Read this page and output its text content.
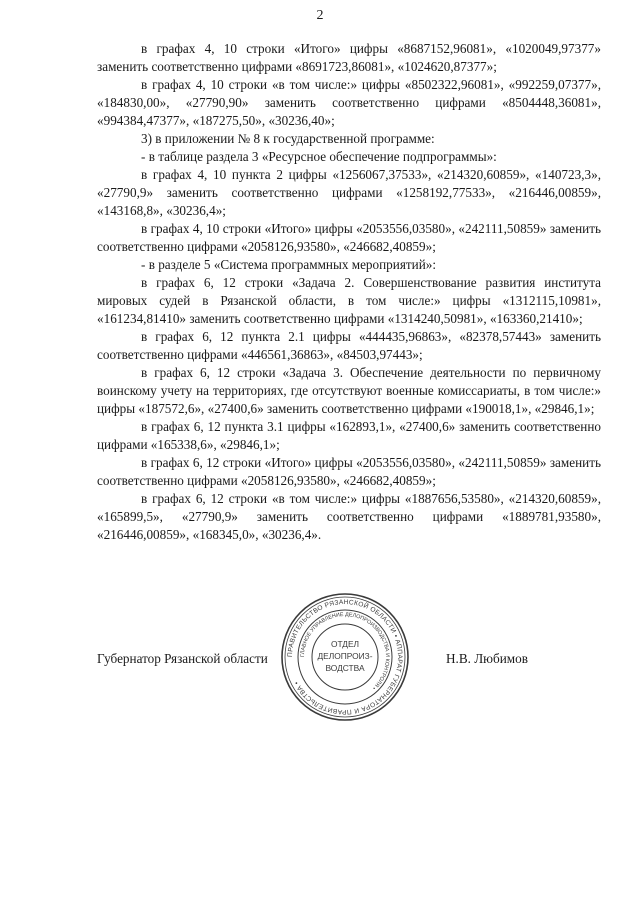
2

в графах 4, 10 строки «Итого» цифры «8687152,96081», «1020049,97377» заменить соответственно цифрами «8691723,86081», «1024620,87377»;

в графах 4, 10 строки «в том числе:» цифры «8502322,96081», «992259,07377», «184830,00», «27790,90» заменить соответственно цифрами «8504448,36081», «994384,47377», «187275,50», «30236,40»;

3) в приложении № 8 к государственной программе:

- в таблице раздела 3 «Ресурсное обеспечение подпрограммы»:

в графах 4, 10 пункта 2 цифры «1256067,37533», «214320,60859», «140723,3», «27790,9» заменить соответственно цифрами «1258192,77533», «216446,00859», «143168,8», «30236,4»;

в графах 4, 10 строки «Итого» цифры «2053556,03580», «242111,50859» заменить соответственно цифрами «2058126,93580», «246682,40859»;

- в разделе 5 «Система программных мероприятий»:

в графах 6, 12 строки «Задача 2. Совершенствование развития института мировых судей в Рязанской области, в том числе:» цифры «1312115,10981», «161234,81410» заменить соответственно цифрами «1314240,50981», «163360,21410»;

в графах 6, 12 пункта 2.1 цифры «444435,96863», «82378,57443» заменить соответственно цифрами «446561,36863», «84503,97443»;

в графах 6, 12 строки «Задача 3. Обеспечение деятельности по первичному воинскому учету на территориях, где отсутствуют военные комиссариаты, в том числе:» цифры «187572,6», «27400,6» заменить соответственно цифрами «190018,1», «29846,1»;

в графах 6, 12 пункта 3.1 цифры «162893,1», «27400,6» заменить соответственно цифрами «165338,6», «29846,1»;

в графах 6, 12 строки «Итого» цифры «2053556,03580», «242111,50859» заменить соответственно цифрами «2058126,93580», «246682,40859»;

в графах 6, 12 строки «в том числе:» цифры «1887656,53580», «214320,60859», «165899,5», «27790,9» заменить соответственно цифрами «1889781,93580», «216446,00859», «168345,0», «30236,4».

Губернатор Рязанской области	Н.В. Любимов
ПРАВИТЕЛЬСТВО РЯЗАНСКОЙ ОБЛАСТИ • АППАРАТ ГУБЕРНАТОРА И ПРАВИТЕЛЬСТВА •
ГЛАВНОЕ УПРАВЛЕНИЕ ДЕЛОПРОИЗВОДСТВА И КОНТРОЛЯ •
ОТДЕЛ
ДЕЛОПРОИЗ-
ВОДСТВА
